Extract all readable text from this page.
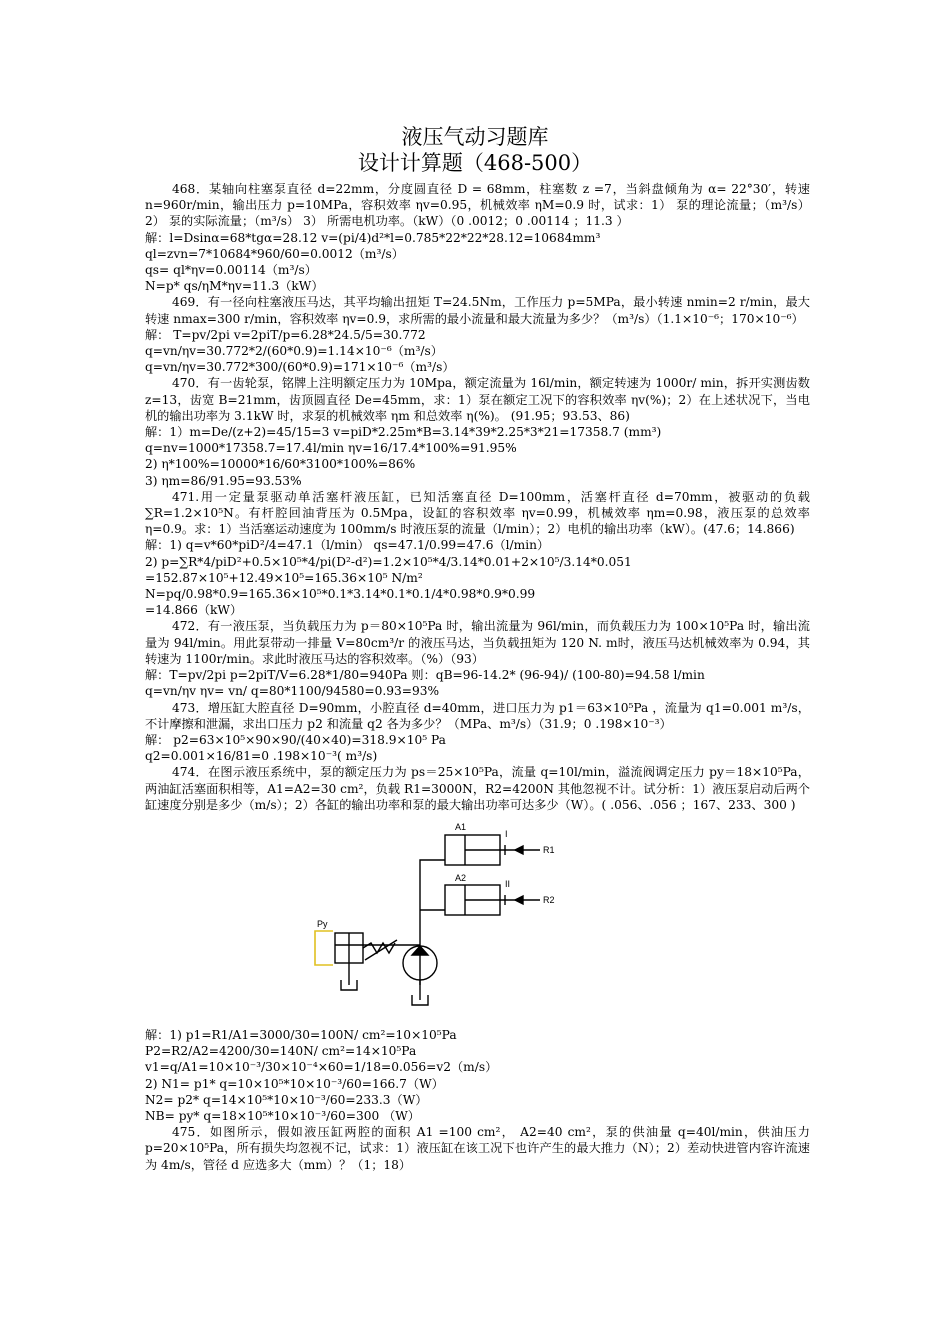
液压气动习题库
设计计算题（468-500）

468．某轴向柱塞泵直径 d=22mm，分度圆直径 D = 68mm，柱塞数 z =7，当斜盘倾角为 α= 22°30′，转速 n=960r/min，输出压力 p=10MPa，容积效率 ηv=0.95，机械效率 ηM=0.9 时，试求：1） 泵的理论流量；（m³/s） 2） 泵的实际流量；（m³/s） 3） 所需电机功率。（kW）（0 .0012；0 .00114 ；11.3 ）

解：l=Dsinα=68*tgα=28.12 v=(pi/4)d²*l=0.785*22*22*28.12=10684mm³

ql=zvn=7*10684*960/60=0.0012（m³/s）

qs= ql*ηv=0.00114（m³/s）

N=p* qs/ηM*ηv=11.3（kW）

469．有一径向柱塞液压马达，其平均输出扭矩 T=24.5Nm，工作压力 p=5MPa，最小转速 nmin=2 r/min，最大转速 nmax=300 r/min，容积效率 ηv=0.9，求所需的最小流量和最大流量为多少？（m³/s）（1.1×10⁻⁶；170×10⁻⁶）

解： T=pv/2pi v=2piT/p=6.28*24.5/5=30.772

q=vn/ηv=30.772*2/(60*0.9)=1.14×10⁻⁶（m³/s）

q=vn/ηv=30.772*300/(60*0.9)=171×10⁻⁶（m³/s）

470．有一齿轮泵，铭牌上注明额定压力为 10Mpa，额定流量为 16l/min，额定转速为 1000r/ min，拆开实测齿数 z=13，齿宽 B=21mm，齿顶圆直径 De=45mm，求：1）泵在额定工况下的容积效率 ηv(%)；2）在上述状况下，当电机的输出功率为 3.1kW 时，求泵的机械效率 ηm 和总效率 η(%)。 (91.95；93.53、86)

解：1）m=De/(z+2)=45/15=3 v=piD*2.25m*B=3.14*39*2.25*3*21=17358.7 (mm³)

q=nv=1000*17358.7=17.4l/min ηv=16/17.4*100%=91.95%

2) η*100%=10000*16/60*3100*100%=86%

3) ηm=86/91.95=93.53%

471.用一定量泵驱动单活塞杆液压缸，已知活塞直径 D=100mm，活塞杆直径 d=70mm，被驱动的负载 ∑R=1.2×10⁵N。有杆腔回油背压为 0.5Mpa，设缸的容积效率 ηv=0.99，机械效率 ηm=0.98，液压泵的总效率 η=0.9。求：1）当活塞运动速度为 100mm/s 时液压泵的流量（l/min）；2）电机的输出功率（kW）。(47.6；14.866)

解：1) q=v*60*piD²/4=47.1（l/min） qs=47.1/0.99=47.6（l/min）

2) p=∑R*4/piD²+0.5×10⁵*4/pi(D²-d²)=1.2×10⁵*4/3.14*0.01+2×10⁵/3.14*0.051

=152.87×10⁵+12.49×10⁵=165.36×10⁵ N/m²

N=pq/0.98*0.9=165.36×10⁵*0.1*3.14*0.1*0.1/4*0.98*0.9*0.99

=14.866（kW）

472．有一液压泵，当负载压力为 p＝80×10⁵Pa 时，输出流量为 96l/min，而负载压力为 100×10⁵Pa 时，输出流量为 94l/min。用此泵带动一排量 V=80cm³/r 的液压马达，当负载扭矩为 120 N. m时，液压马达机械效率为 0.94，其转速为 1100r/min。求此时液压马达的容积效率。（%）（93）

解：T=pv/2pi p=2piT/V=6.28*1/80=940Pa 则：qB=96-14.2* (96-94)/ (100-80)=94.58 l/min

q=vn/ηv ηv= vn/ q=80*1100/94580=0.93=93%

473．增压缸大腔直径 D=90mm，小腔直径 d=40mm，进口压力为 p1＝63×10⁵Pa ，流量为 q1=0.001 m³/s，不计摩擦和泄漏，求出口压力 p2 和流量 q2 各为多少？（MPa、m³/s）（31.9；0 .198×10⁻³）

解： p2=63×10⁵×90×90/(40×40)=318.9×10⁵ Pa

q2=0.001×16/81=0 .198×10⁻³( m³/s)

474．在图示液压系统中，泵的额定压力为 ps＝25×10⁵Pa，流量 q=10l/min，溢流阀调定压力 py＝18×10⁵Pa，两油缸活塞面积相等，A1=A2=30 cm²，负载 R1=3000N，R2=4200N 其他忽视不计。试分析：1）液压泵启动后两个缸速度分别是多少（m/s）；2）各缸的输出功率和泵的最大输出功率可达多少（W）。( .056、.056 ；167、233、300 )

A1
A2
R1
R2
Py
I
II

解：1) p1=R1/A1=3000/30=100N/ cm²=10×10⁵Pa

P2=R2/A2=4200/30=140N/ cm²=14×10⁵Pa

v1=q/A1=10×10⁻³/30×10⁻⁴×60=1/18=0.056=v2（m/s）

2) N1= p1* q=10×10⁵*10×10⁻³/60=166.7（W）

N2= p2* q=14×10⁵*10×10⁻³/60=233.3（W）

NB= py* q=18×10⁵*10×10⁻³/60=300 （W）

475．如图所示，假如液压缸两腔的面积 A1 =100 cm²， A2=40 cm²，泵的供油量 q=40l/min，供油压力 p=20×10⁵Pa，所有损失均忽视不记，试求：1）液压缸在该工况下也许产生的最大推力（N）；2）差动快进管内容许流速为 4m/s，管径 d 应选多大（mm）？（1；18）
